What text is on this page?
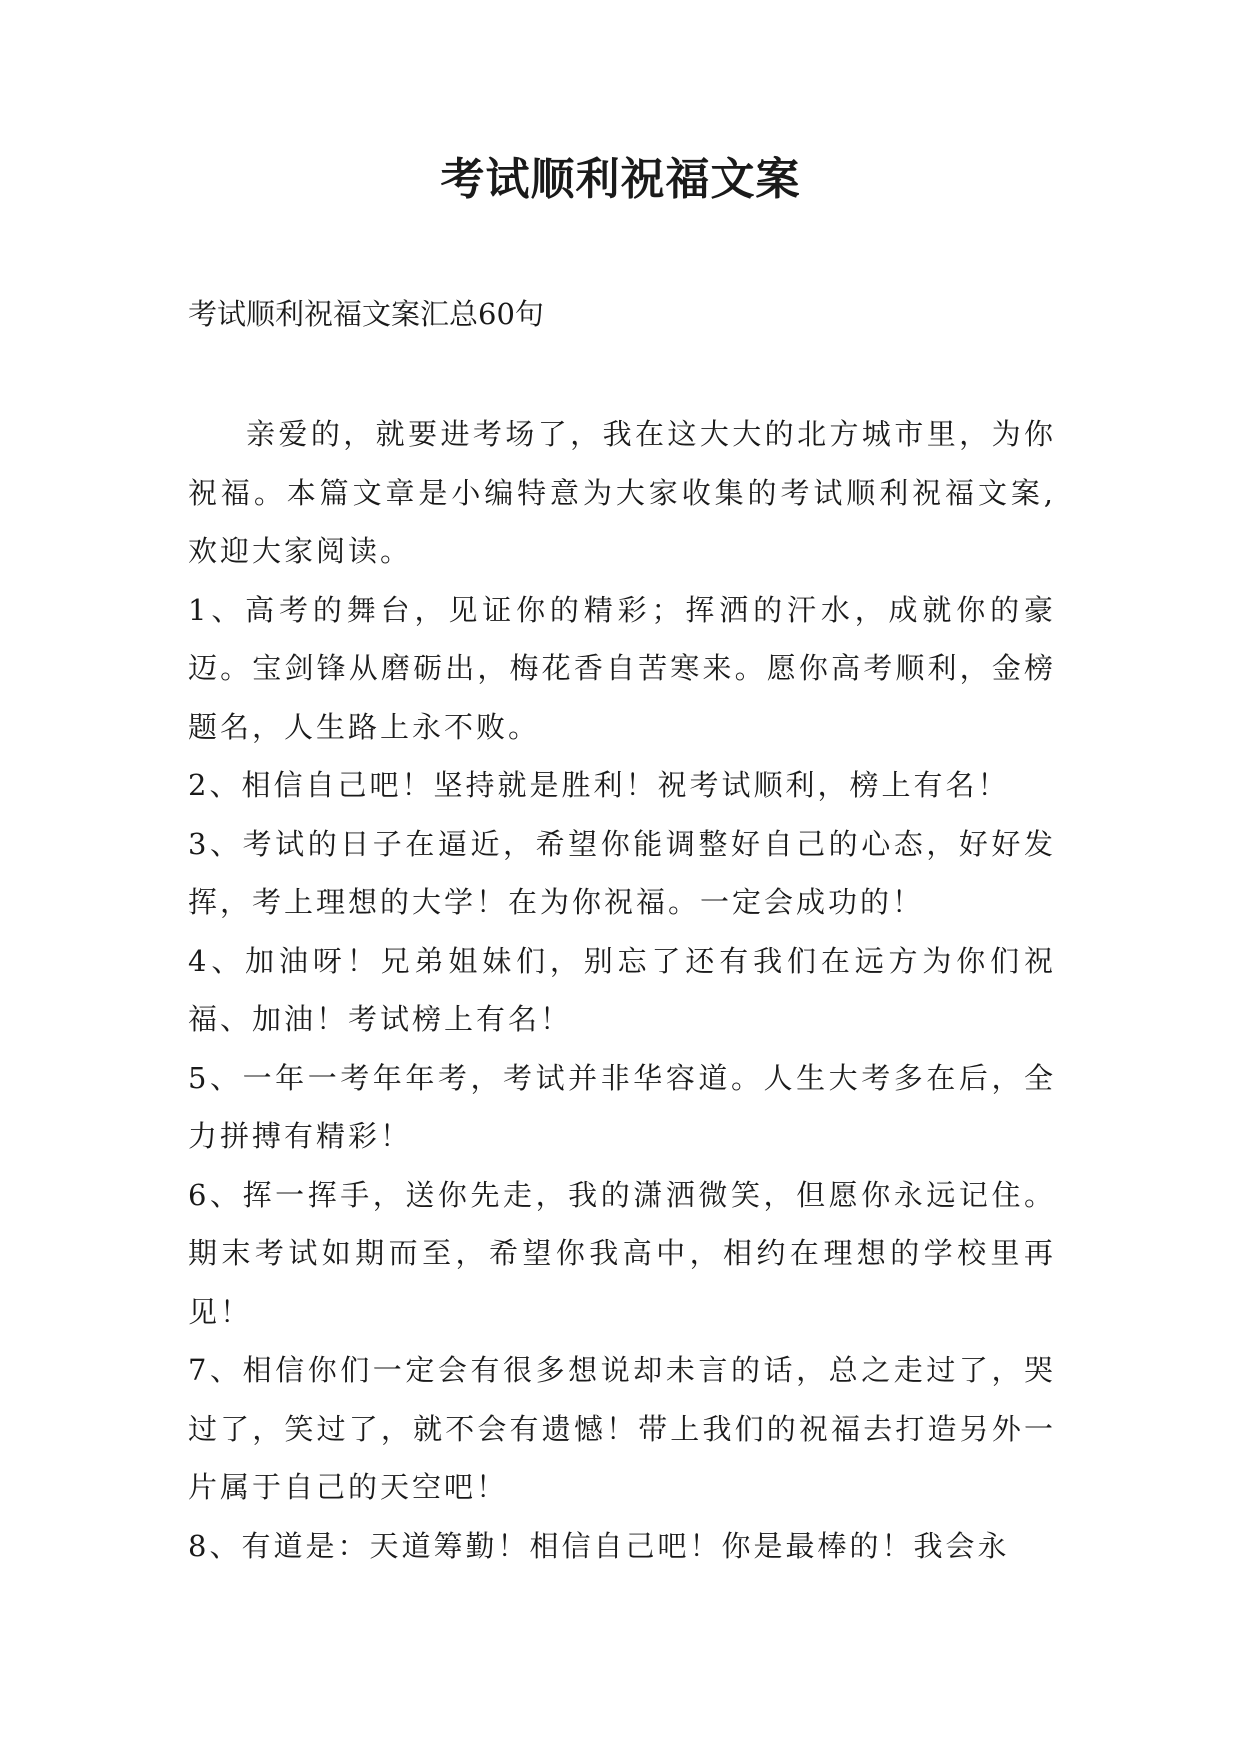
考试顺利祝福文案

考试顺利祝福文案汇总60句

亲爱的，就要进考场了，我在这大大的北方城市里，为你祝福。本篇文章是小编特意为大家收集的考试顺利祝福文案,欢迎大家阅读。

1、高考的舞台，见证你的精彩；挥洒的汗水，成就你的豪迈。宝剑锋从磨砺出，梅花香自苦寒来。愿你高考顺利，金榜题名，人生路上永不败。

2、相信自己吧！坚持就是胜利！祝考试顺利，榜上有名！

3、考试的日子在逼近，希望你能调整好自己的心态，好好发挥，考上理想的大学！在为你祝福。一定会成功的！

4、加油呀！兄弟姐妹们，别忘了还有我们在远方为你们祝福、加油！考试榜上有名！

5、一年一考年年考，考试并非华容道。人生大考多在后，全力拼搏有精彩！

6、挥一挥手，送你先走，我的潇洒微笑，但愿你永远记住。期末考试如期而至，希望你我高中，相约在理想的学校里再见！

7、相信你们一定会有很多想说却未言的话，总之走过了，哭过了，笑过了，就不会有遗憾！带上我们的祝福去打造另外一片属于自己的天空吧！

8、有道是：天道筹勤！相信自己吧！你是最棒的！我会永
